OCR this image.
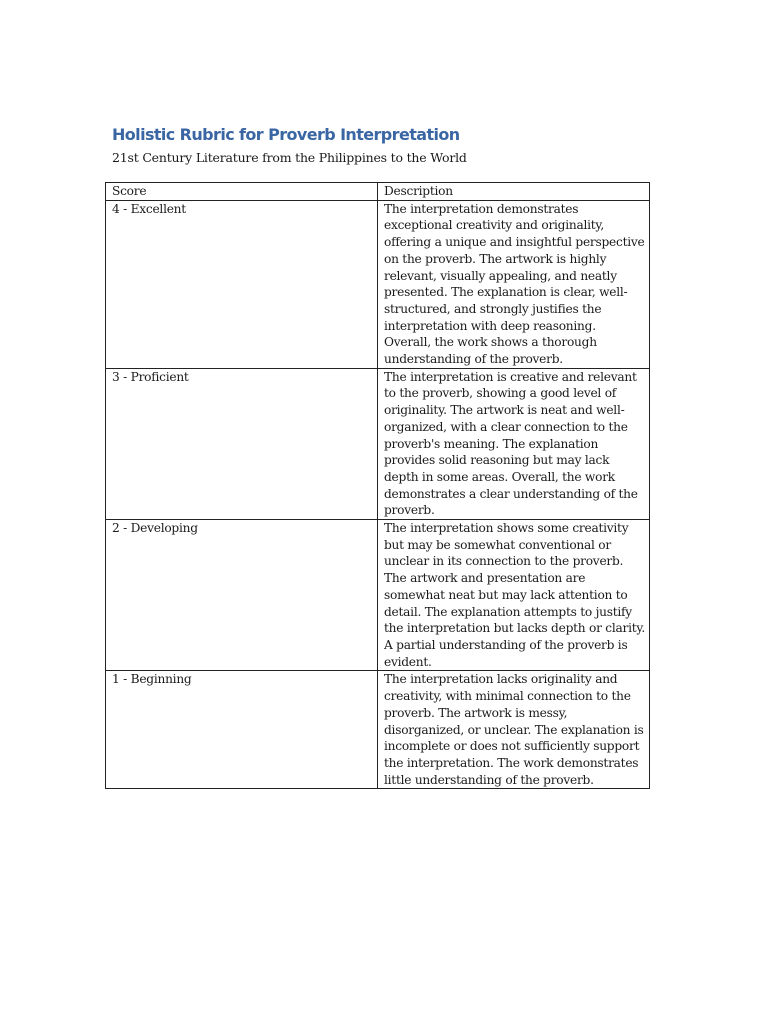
Holistic Rubric for Proverb Interpretation

21st Century Literature from the Philippines to the World

Score	Description
4 - Excellent	The interpretation demonstrates exceptional creativity and originality, offering a unique and insightful perspective on the proverb. The artwork is highly relevant, visually appealing, and neatly presented. The explanation is clear, well-structured, and strongly justifies the interpretation with deep reasoning. Overall, the work shows a thorough understanding of the proverb.
3 - Proficient	The interpretation is creative and relevant to the proverb, showing a good level of originality. The artwork is neat and well-organized, with a clear connection to the proverb's meaning. The explanation provides solid reasoning but may lack depth in some areas. Overall, the work demonstrates a clear understanding of the proverb.
2 - Developing	The interpretation shows some creativity but may be somewhat conventional or unclear in its connection to the proverb. The artwork and presentation are somewhat neat but may lack attention to detail. The explanation attempts to justify the interpretation but lacks depth or clarity. A partial understanding of the proverb is evident.
1 - Beginning	The interpretation lacks originality and creativity, with minimal connection to the proverb. The artwork is messy, disorganized, or unclear. The explanation is incomplete or does not sufficiently support the interpretation. The work demonstrates little understanding of the proverb.
